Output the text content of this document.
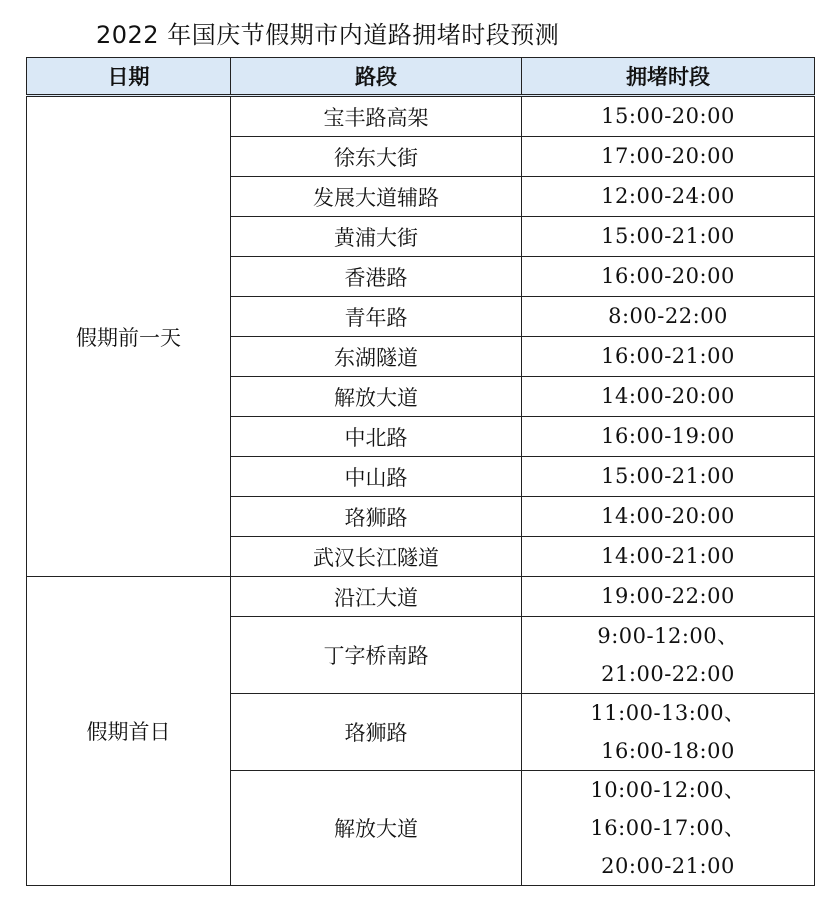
2022 年国庆节假期市内道路拥堵时段预测
日期	路段	拥堵时段
假期前一天	宝丰路高架	15:00-20:00
	徐东大街	17:00-20:00
	发展大道辅路	12:00-24:00
	黄浦大街	15:00-21:00
	香港路	16:00-20:00
	青年路	8:00-22:00
	东湖隧道	16:00-21:00
	解放大道	14:00-20:00
	中北路	16:00-19:00
	中山路	15:00-21:00
	珞狮路	14:00-20:00
	武汉长江隧道	14:00-21:00
假期首日	沿江大道	19:00-22:00
	丁字桥南路	9:00-12:00、
21:00-22:00

	珞狮路	11:00-13:00、
16:00-18:00

	解放大道	10:00-12:00、
16:00-17:00、
20:00-21:00
